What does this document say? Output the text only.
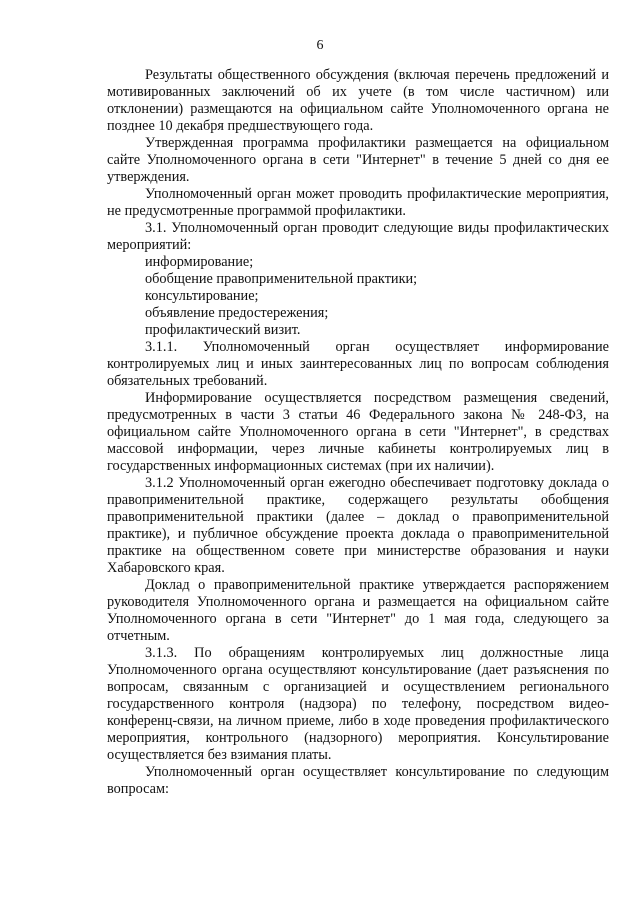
6

Результаты общественного обсуждения (включая перечень предложений и мотивированных заключений об их учете (в том числе частичном) или отклонении) размещаются на официальном сайте Уполномоченного органа не позднее 10 декабря предшествующего года.

Утвержденная программа профилактики размещается на официальном сайте Уполномоченного органа в сети "Интернет" в течение 5 дней со дня ее утверждения.

Уполномоченный орган может проводить профилактические мероприятия, не предусмотренные программой профилактики.

3.1. Уполномоченный орган проводит следующие виды профилактических мероприятий:

информирование;

обобщение правоприменительной практики;

консультирование;

объявление предостережения;

профилактический визит.

3.1.1. Уполномоченный орган осуществляет информирование контролируемых лиц и иных заинтересованных лиц по вопросам соблюдения обязательных требований.

Информирование осуществляется посредством размещения сведений, предусмотренных в части 3 статьи 46 Федерального закона № 248-ФЗ, на официальном сайте Уполномоченного органа в сети "Интернет", в средствах массовой информации, через личные кабинеты контролируемых лиц в государственных информационных системах (при их наличии).

3.1.2 Уполномоченный орган ежегодно обеспечивает подготовку доклада о правоприменительной практике, содержащего результаты обобщения правоприменительной практики (далее – доклад о правоприменительной практике), и публичное обсуждение проекта доклада о правоприменительной практике на общественном совете при министерстве образования и науки Хабаровского края.

Доклад о правоприменительной практике утверждается распоряжением руководителя Уполномоченного органа и размещается на официальном сайте Уполномоченного органа в сети "Интернет" до 1 мая года, следующего за отчетным.

3.1.3. По обращениям контролируемых лиц должностные лица Уполномоченного органа осуществляют консультирование (дает разъяснения по вопросам, связанным с организацией и осуществлением регионального государственного контроля (надзора) по телефону, посредством видео-конференц-связи, на личном приеме, либо в ходе проведения профилактического мероприятия, контрольного (надзорного) мероприятия. Консультирование осуществляется без взимания платы.

Уполномоченный орган осуществляет консультирование по следующим вопросам:
